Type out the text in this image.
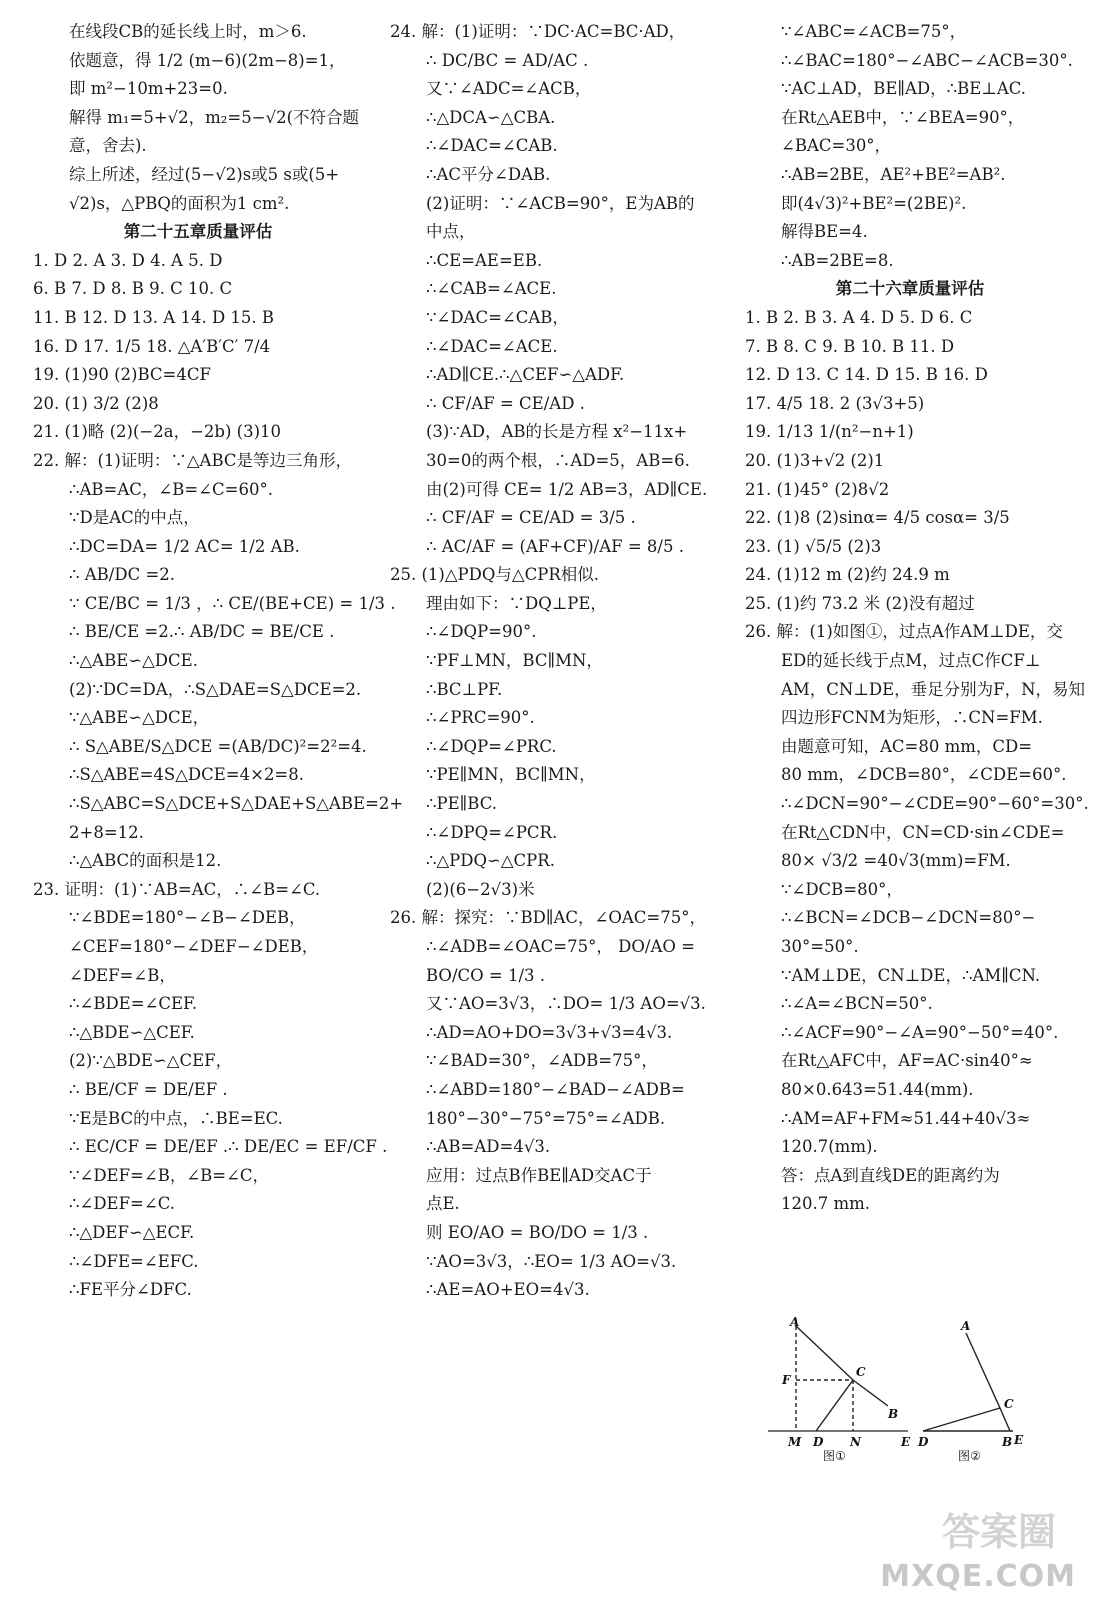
在线段CB的延长线上时，m＞6.
依题意，得 1/2 (m−6)(2m−8)=1，
即 m²−10m+23=0.
解得 m₁=5+√2，m₂=5−√2(不符合题
意，舍去).
综上所述，经过(5−√2)s或5 s或(5+
√2)s，△PBQ的面积为1 cm².
第二十五章质量评估
1. D 2. A 3. D 4. A 5. D
6. B 7. D 8. B 9. C 10. C
11. B 12. D 13. A 14. D 15. B
16. D 17. 1/5 18. △A′B′C′ 7/4
19. (1)90 (2)BC=4CF
20. (1) 3/2 (2)8
21. (1)略 (2)(−2a，−2b) (3)10
22. 解：(1)证明：∵△ABC是等边三角形，
∴AB=AC，∠B=∠C=60°.
∵D是AC的中点，
∴DC=DA= 1/2 AC= 1/2 AB.
∴ AB/DC =2.
∵ CE/BC = 1/3 ，∴ CE/(BE+CE) = 1/3 .
∴ BE/CE =2.∴ AB/DC = BE/CE .
∴△ABE∽△DCE.
(2)∵DC=DA，∴S△DAE=S△DCE=2.
∵△ABE∽△DCE，
∴ S△ABE/S△DCE =(AB/DC)²=2²=4.
∴S△ABE=4S△DCE=4×2=8.
∴S△ABC=S△DCE+S△DAE+S△ABE=2+
2+8=12.
∴△ABC的面积是12.
23. 证明：(1)∵AB=AC，∴∠B=∠C.
∵∠BDE=180°−∠B−∠DEB，
∠CEF=180°−∠DEF−∠DEB，
∠DEF=∠B，
∴∠BDE=∠CEF.
∴△BDE∽△CEF.
(2)∵△BDE∽△CEF，
∴ BE/CF = DE/EF .
∵E是BC的中点，∴BE=EC.
∴ EC/CF = DE/EF .∴ DE/EC = EF/CF .
∵∠DEF=∠B，∠B=∠C，
∴∠DEF=∠C.
∴△DEF∽△ECF.
∴∠DFE=∠EFC.
∴FE平分∠DFC.
24. 解：(1)证明：∵DC·AC=BC·AD，
∴ DC/BC = AD/AC .
又∵∠ADC=∠ACB，
∴△DCA∽△CBA.
∴∠DAC=∠CAB.
∴AC平分∠DAB.
(2)证明：∵∠ACB=90°，E为AB的
中点，
∴CE=AE=EB.
∴∠CAB=∠ACE.
∵∠DAC=∠CAB，
∴∠DAC=∠ACE.
∴AD∥CE.∴△CEF∽△ADF.
∴ CF/AF = CE/AD .
(3)∵AD，AB的长是方程 x²−11x+
30=0的两个根，∴AD=5，AB=6.
由(2)可得 CE= 1/2 AB=3，AD∥CE.
∴ CF/AF = CE/AD = 3/5 .
∴ AC/AF = (AF+CF)/AF = 8/5 .
25. (1)△PDQ与△CPR相似.
理由如下：∵DQ⊥PE，
∴∠DQP=90°.
∵PF⊥MN，BC∥MN，
∴BC⊥PF.
∴∠PRC=90°.
∴∠DQP=∠PRC.
∵PE∥MN，BC∥MN，
∴PE∥BC.
∴∠DPQ=∠PCR.
∴△PDQ∽△CPR.
(2)(6−2√3)米
26. 解：探究：∵BD∥AC，∠OAC=75°，
∴∠ADB=∠OAC=75°， DO/AO =
BO/CO = 1/3 .
又∵AO=3√3，∴DO= 1/3 AO=√3.
∴AD=AO+DO=3√3+√3=4√3.
∵∠BAD=30°，∠ADB=75°，
∴∠ABD=180°−∠BAD−∠ADB=
180°−30°−75°=75°=∠ADB.
∴AB=AD=4√3.
应用：过点B作BE∥AD交AC于
点E.
则 EO/AO = BO/DO = 1/3 .
∵AO=3√3，∴EO= 1/3 AO=√3.
∴AE=AO+EO=4√3.
∵∠ABC=∠ACB=75°，
∴∠BAC=180°−∠ABC−∠ACB=30°.
∵AC⊥AD，BE∥AD，∴BE⊥AC.
在Rt△AEB中，∵∠BEA=90°，
∠BAC=30°，
∴AB=2BE，AE²+BE²=AB².
即(4√3)²+BE²=(2BE)².
解得BE=4.
∴AB=2BE=8.
第二十六章质量评估
1. B 2. B 3. A 4. D 5. D 6. C
7. B 8. C 9. B 10. B 11. D
12. D 13. C 14. D 15. B 16. D
17. 4/5 18. 2 (3√3+5)
19. 1/13 1/(n²−n+1)
20. (1)3+√2 (2)1
21. (1)45° (2)8√2
22. (1)8 (2)sinα= 4/5 cosα= 3/5
23. (1) √5/5 (2)3
24. (1)12 m (2)约 24.9 m
25. (1)约 73.2 米 (2)没有超过
26. 解：(1)如图①，过点A作AM⊥DE，交
ED的延长线于点M，过点C作CF⊥
AM，CN⊥DE，垂足分别为F，N，易知
四边形FCNM为矩形，∴CN=FM.
由题意可知，AC=80 mm，CD=
80 mm，∠DCB=80°，∠CDE=60°.
∴∠DCN=90°−∠CDE=90°−60°=30°.
在Rt△CDN中，CN=CD·sin∠CDE=
80× √3/2 =40√3(mm)=FM.
∵∠DCB=80°，
∴∠BCN=∠DCB−∠DCN=80°−
30°=50°.
∵AM⊥DE，CN⊥DE，∴AM∥CN.
∴∠A=∠BCN=50°.
∴∠ACF=90°−∠A=90°−50°=40°.
在Rt△AFC中，AF=AC·sin40°≈
80×0.643=51.44(mm).
∴AM=AF+FM≈51.44+40√3≈
120.7(mm).
答：点A到直线DE的距离约为
120.7 mm.
A
F
C
B
M D N	E
A
C
D	B E
图①	图②
答案圈
MXQE.COM
